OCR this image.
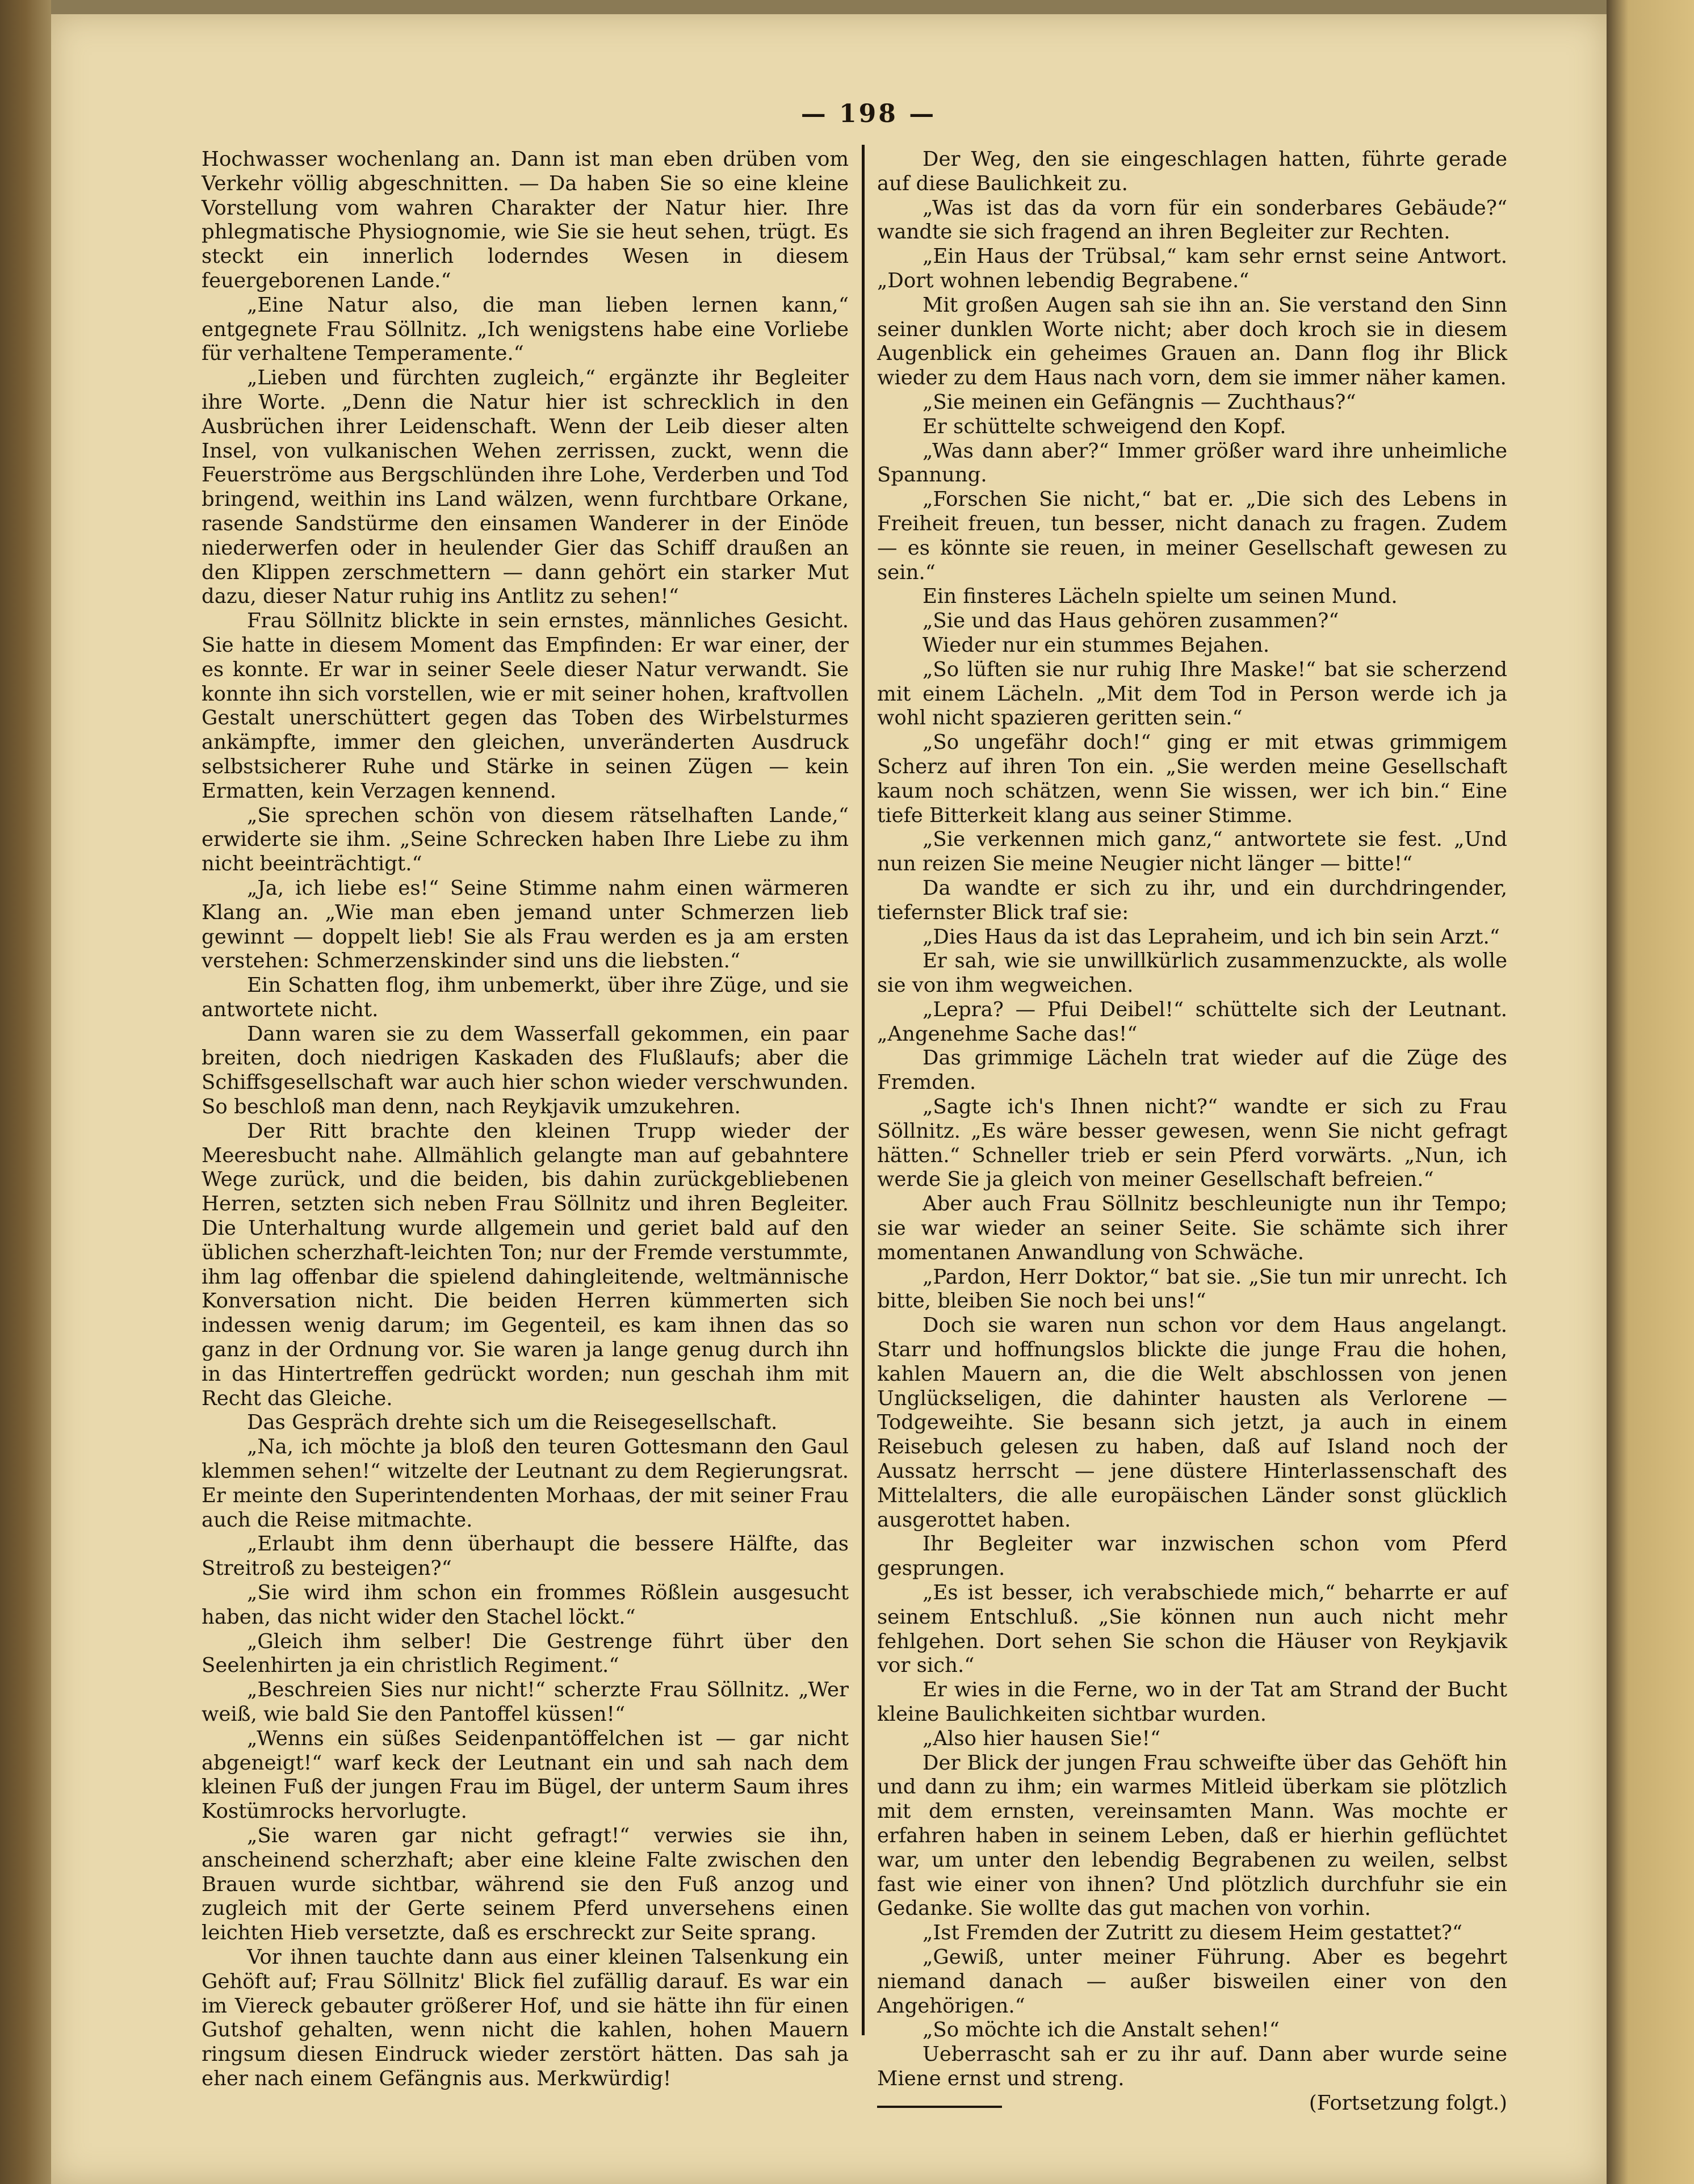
— 198 —

Hochwasser wochenlang an. Dann ist man eben drüben vom Verkehr völlig abgeschnitten. — Da haben Sie so eine kleine Vorstellung vom wahren Charakter der Natur hier. Ihre phlegmatische Physiognomie, wie Sie sie heut sehen, trügt. Es steckt ein innerlich loderndes Wesen in diesem feuergeborenen Lande.“

„Eine Natur also, die man lieben lernen kann,“ entgegnete Frau Söllnitz. „Ich wenigstens habe eine Vorliebe für verhaltene Temperamente.“

„Lieben und fürchten zugleich,“ ergänzte ihr Begleiter ihre Worte. „Denn die Natur hier ist schrecklich in den Ausbrüchen ihrer Leidenschaft. Wenn der Leib dieser alten Insel, von vulkanischen Wehen zerrissen, zuckt, wenn die Feuerströme aus Bergschlünden ihre Lohe, Verderben und Tod bringend, weithin ins Land wälzen, wenn furchtbare Orkane, rasende Sandstürme den einsamen Wanderer in der Einöde niederwerfen oder in heulender Gier das Schiff draußen an den Klippen zerschmettern — dann gehört ein starker Mut dazu, dieser Natur ruhig ins Antlitz zu sehen!“

Frau Söllnitz blickte in sein ernstes, männliches Gesicht. Sie hatte in diesem Moment das Empfinden: Er war einer, der es konnte. Er war in seiner Seele dieser Natur verwandt. Sie konnte ihn sich vorstellen, wie er mit seiner hohen, kraftvollen Gestalt unerschüttert gegen das Toben des Wirbelsturmes ankämpfte, immer den gleichen, unveränderten Ausdruck selbstsicherer Ruhe und Stärke in seinen Zügen — kein Ermatten, kein Verzagen kennend.

„Sie sprechen schön von diesem rätselhaften Lande,“ erwiderte sie ihm. „Seine Schrecken haben Ihre Liebe zu ihm nicht beeinträchtigt.“

„Ja, ich liebe es!“ Seine Stimme nahm einen wärmeren Klang an. „Wie man eben jemand unter Schmerzen lieb gewinnt — doppelt lieb! Sie als Frau werden es ja am ersten verstehen: Schmerzenskinder sind uns die liebsten.“

Ein Schatten flog, ihm unbemerkt, über ihre Züge, und sie antwortete nicht.

Dann waren sie zu dem Wasserfall gekommen, ein paar breiten, doch niedrigen Kaskaden des Flußlaufs; aber die Schiffsgesellschaft war auch hier schon wieder verschwunden. So beschloß man denn, nach Reykjavik umzukehren.

Der Ritt brachte den kleinen Trupp wieder der Meeresbucht nahe. Allmählich gelangte man auf gebahntere Wege zurück, und die beiden, bis dahin zurückgebliebenen Herren, setzten sich neben Frau Söllnitz und ihren Begleiter. Die Unterhaltung wurde allgemein und geriet bald auf den üblichen scherzhaft-leichten Ton; nur der Fremde verstummte, ihm lag offenbar die spielend dahingleitende, weltmännische Konversation nicht. Die beiden Herren kümmerten sich indessen wenig darum; im Gegenteil, es kam ihnen das so ganz in der Ordnung vor. Sie waren ja lange genug durch ihn in das Hintertreffen gedrückt worden; nun geschah ihm mit Recht das Gleiche.

Das Gespräch drehte sich um die Reisegesellschaft.

„Na, ich möchte ja bloß den teuren Gottesmann den Gaul klemmen sehen!“ witzelte der Leutnant zu dem Regierungsrat. Er meinte den Superintendenten Morhaas, der mit seiner Frau auch die Reise mitmachte.

„Erlaubt ihm denn überhaupt die bessere Hälfte, das Streitroß zu besteigen?“

„Sie wird ihm schon ein frommes Rößlein ausgesucht haben, das nicht wider den Stachel löckt.“

„Gleich ihm selber! Die Gestrenge führt über den Seelenhirten ja ein christlich Regiment.“

„Beschreien Sies nur nicht!“ scherzte Frau Söllnitz. „Wer weiß, wie bald Sie den Pantoffel küssen!“

„Wenns ein süßes Seidenpantöffelchen ist — gar nicht abgeneigt!“ warf keck der Leutnant ein und sah nach dem kleinen Fuß der jungen Frau im Bügel, der unterm Saum ihres Kostümrocks hervorlugte.

„Sie waren gar nicht gefragt!“ verwies sie ihn, anscheinend scherzhaft; aber eine kleine Falte zwischen den Brauen wurde sichtbar, während sie den Fuß anzog und zugleich mit der Gerte seinem Pferd unversehens einen leichten Hieb versetzte, daß es erschreckt zur Seite sprang.

Vor ihnen tauchte dann aus einer kleinen Talsenkung ein Gehöft auf; Frau Söllnitz' Blick fiel zufällig darauf. Es war ein im Viereck gebauter größerer Hof, und sie hätte ihn für einen Gutshof gehalten, wenn nicht die kahlen, hohen Mauern ringsum diesen Eindruck wieder zerstört hätten. Das sah ja eher nach einem Gefängnis aus. Merkwürdig!

Der Weg, den sie eingeschlagen hatten, führte gerade auf diese Baulichkeit zu.

„Was ist das da vorn für ein sonderbares Gebäude?“ wandte sie sich fragend an ihren Begleiter zur Rechten.

„Ein Haus der Trübsal,“ kam sehr ernst seine Antwort. „Dort wohnen lebendig Begrabene.“

Mit großen Augen sah sie ihn an. Sie verstand den Sinn seiner dunklen Worte nicht; aber doch kroch sie in diesem Augenblick ein geheimes Grauen an. Dann flog ihr Blick wieder zu dem Haus nach vorn, dem sie immer näher kamen.

„Sie meinen ein Gefängnis — Zuchthaus?“

Er schüttelte schweigend den Kopf.

„Was dann aber?“ Immer größer ward ihre unheimliche Spannung.

„Forschen Sie nicht,“ bat er. „Die sich des Lebens in Freiheit freuen, tun besser, nicht danach zu fragen. Zudem — es könnte sie reuen, in meiner Gesellschaft gewesen zu sein.“

Ein finsteres Lächeln spielte um seinen Mund.

„Sie und das Haus gehören zusammen?“

Wieder nur ein stummes Bejahen.

„So lüften sie nur ruhig Ihre Maske!“ bat sie scherzend mit einem Lächeln. „Mit dem Tod in Person werde ich ja wohl nicht spazieren geritten sein.“

„So ungefähr doch!“ ging er mit etwas grimmigem Scherz auf ihren Ton ein. „Sie werden meine Gesellschaft kaum noch schätzen, wenn Sie wissen, wer ich bin.“ Eine tiefe Bitterkeit klang aus seiner Stimme.

„Sie verkennen mich ganz,“ antwortete sie fest. „Und nun reizen Sie meine Neugier nicht länger — bitte!“

Da wandte er sich zu ihr, und ein durchdringender, tiefernster Blick traf sie:

„Dies Haus da ist das Lepraheim, und ich bin sein Arzt.“

Er sah, wie sie unwillkürlich zusammenzuckte, als wolle sie von ihm wegweichen.

„Lepra? — Pfui Deibel!“ schüttelte sich der Leutnant. „Angenehme Sache das!“

Das grimmige Lächeln trat wieder auf die Züge des Fremden.

„Sagte ich's Ihnen nicht?“ wandte er sich zu Frau Söllnitz. „Es wäre besser gewesen, wenn Sie nicht gefragt hätten.“ Schneller trieb er sein Pferd vorwärts. „Nun, ich werde Sie ja gleich von meiner Gesellschaft befreien.“

Aber auch Frau Söllnitz beschleunigte nun ihr Tempo; sie war wieder an seiner Seite. Sie schämte sich ihrer momentanen Anwandlung von Schwäche.

„Pardon, Herr Doktor,“ bat sie. „Sie tun mir unrecht. Ich bitte, bleiben Sie noch bei uns!“

Doch sie waren nun schon vor dem Haus angelangt. Starr und hoffnungslos blickte die junge Frau die hohen, kahlen Mauern an, die die Welt abschlossen von jenen Unglückseligen, die dahinter hausten als Verlorene — Todgeweihte. Sie besann sich jetzt, ja auch in einem Reisebuch gelesen zu haben, daß auf Island noch der Aussatz herrscht — jene düstere Hinterlassenschaft des Mittelalters, die alle europäischen Länder sonst glücklich ausgerottet haben.

Ihr Begleiter war inzwischen schon vom Pferd gesprungen.

„Es ist besser, ich verabschiede mich,“ beharrte er auf seinem Entschluß. „Sie können nun auch nicht mehr fehlgehen. Dort sehen Sie schon die Häuser von Reykjavik vor sich.“

Er wies in die Ferne, wo in der Tat am Strand der Bucht kleine Baulichkeiten sichtbar wurden.

„Also hier hausen Sie!“

Der Blick der jungen Frau schweifte über das Gehöft hin und dann zu ihm; ein warmes Mitleid überkam sie plötzlich mit dem ernsten, vereinsamten Mann. Was mochte er erfahren haben in seinem Leben, daß er hierhin geflüchtet war, um unter den lebendig Begrabenen zu weilen, selbst fast wie einer von ihnen? Und plötzlich durchfuhr sie ein Gedanke. Sie wollte das gut machen von vorhin.

„Ist Fremden der Zutritt zu diesem Heim gestattet?“

„Gewiß, unter meiner Führung. Aber es begehrt niemand danach — außer bisweilen einer von den Angehörigen.“

„So möchte ich die Anstalt sehen!“

Ueberrascht sah er zu ihr auf. Dann aber wurde seine Miene ernst und streng.

(Fortsetzung folgt.)
